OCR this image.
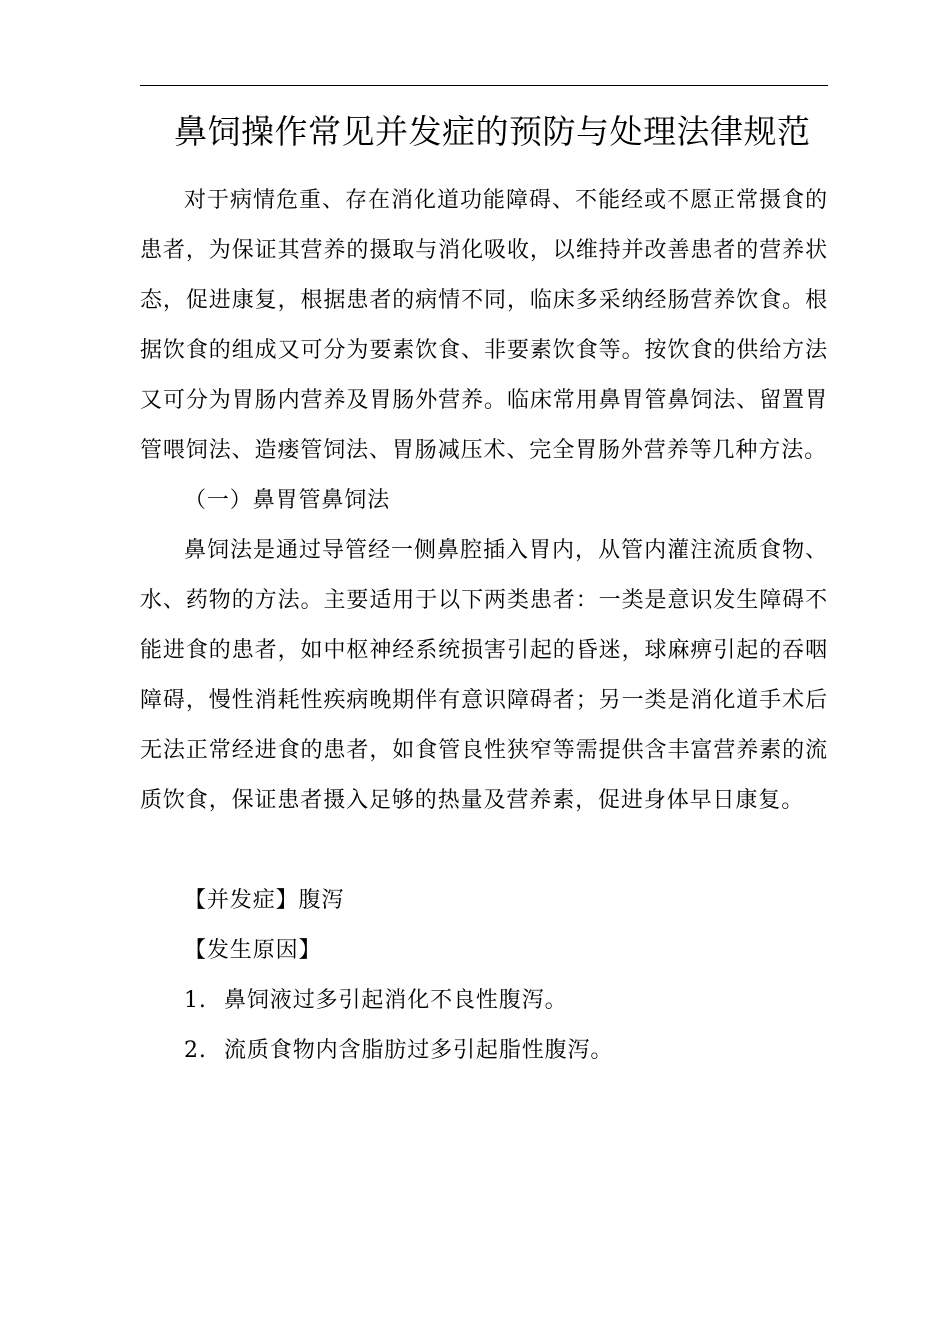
鼻饲操作常见并发症的预防与处理法律规范

对于病情危重、存在消化道功能障碍、不能经或不愿正常摄食的患者，为保证其营养的摄取与消化吸收，以维持并改善患者的营养状态，促进康复，根据患者的病情不同，临床多采纳经肠营养饮食。根据饮食的组成又可分为要素饮食、非要素饮食等。按饮食的供给方法又可分为胃肠内营养及胃肠外营养。临床常用鼻胃管鼻饲法、留置胃管喂饲法、造瘘管饲法、胃肠减压术、完全胃肠外营养等几种方法。

（一）鼻胃管鼻饲法

鼻饲法是通过导管经一侧鼻腔插入胃内，从管内灌注流质食物、水、药物的方法。主要适用于以下两类患者：一类是意识发生障碍不能进食的患者，如中枢神经系统损害引起的昏迷，球麻痹引起的吞咽障碍，慢性消耗性疾病晚期伴有意识障碍者；另一类是消化道手术后无法正常经进食的患者，如食管良性狭窄等需提供含丰富营养素的流质饮食，保证患者摄入足够的热量及营养素，促进身体早日康复。

【并发症】腹泻

【发生原因】

1. 鼻饲液过多引起消化不良性腹泻。

2. 流质食物内含脂肪过多引起脂性腹泻。
